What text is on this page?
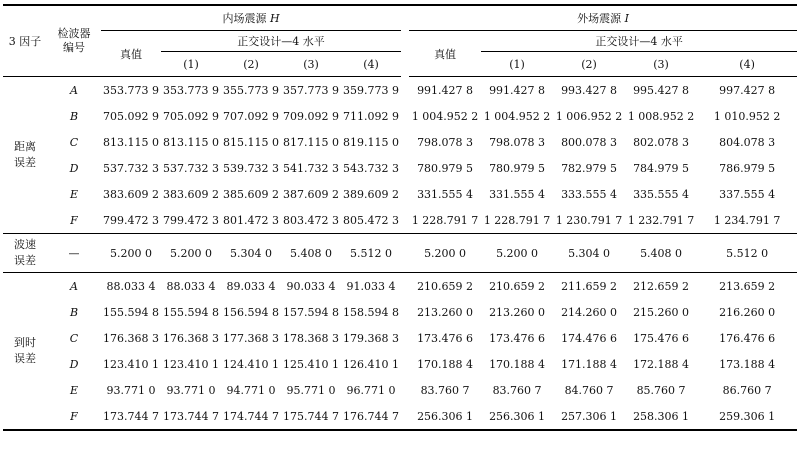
3 因子	检波器
编号	内场震源 H						外场震源 I				
		真值	正交设计—4 水平					真值	正交设计—4 水平			
			(1)	(2)	(3)	(4)			(1)	(2)	(3)	(4)

距离
误差	A	353.773 9	353.773 9	355.773 9	357.773 9	359.773 9		991.427 8	991.427 8	993.427 8	995.427 8	997.427 8
	B	705.092 9	705.092 9	707.092 9	709.092 9	711.092 9		1 004.952 2	1 004.952 2	1 006.952 2	1 008.952 2	1 010.952 2
	C	813.115 0	813.115 0	815.115 0	817.115 0	819.115 0		798.078 3	798.078 3	800.078 3	802.078 3	804.078 3
	D	537.732 3	537.732 3	539.732 3	541.732 3	543.732 3		780.979 5	780.979 5	782.979 5	784.979 5	786.979 5
	E	383.609 2	383.609 2	385.609 2	387.609 2	389.609 2		331.555 4	331.555 4	333.555 4	335.555 4	337.555 4
	F	799.472 3	799.472 3	801.472 3	803.472 3	805.472 3		1 228.791 7	1 228.791 7	1 230.791 7	1 232.791 7	1 234.791 7

波速
误差	—	5.200 0	5.200 0	5.304 0	5.408 0	5.512 0		5.200 0	5.200 0	5.304 0	5.408 0	5.512 0

到时
误差	A	88.033 4	88.033 4	89.033 4	90.033 4	91.033 4		210.659 2	210.659 2	211.659 2	212.659 2	213.659 2
	B	155.594 8	155.594 8	156.594 8	157.594 8	158.594 8		213.260 0	213.260 0	214.260 0	215.260 0	216.260 0
	C	176.368 3	176.368 3	177.368 3	178.368 3	179.368 3		173.476 6	173.476 6	174.476 6	175.476 6	176.476 6
	D	123.410 1	123.410 1	124.410 1	125.410 1	126.410 1		170.188 4	170.188 4	171.188 4	172.188 4	173.188 4
	E	93.771 0	93.771 0	94.771 0	95.771 0	96.771 0		83.760 7	83.760 7	84.760 7	85.760 7	86.760 7
	F	173.744 7	173.744 7	174.744 7	175.744 7	176.744 7		256.306 1	256.306 1	257.306 1	258.306 1	259.306 1
